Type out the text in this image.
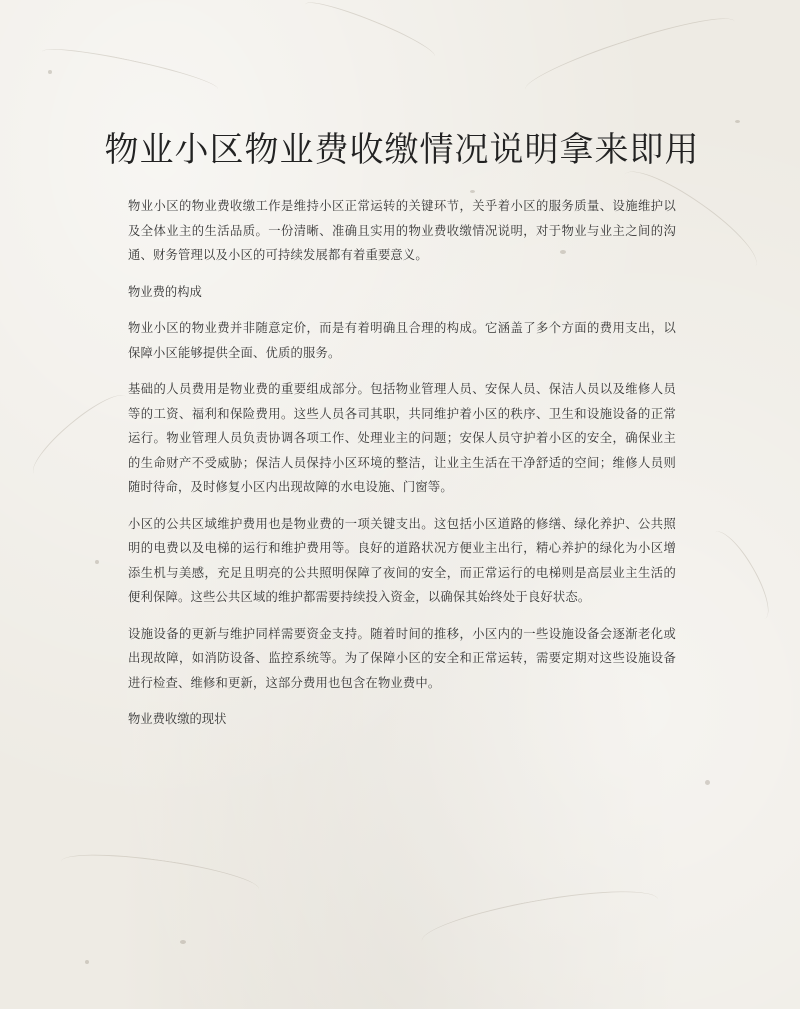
物业小区物业费收缴情况说明拿来即用

物业小区的物业费收缴工作是维持小区正常运转的关键环节，关乎着小区的服务质量、设施维护以及全体业主的生活品质。一份清晰、准确且实用的物业费收缴情况说明，对于物业与业主之间的沟通、财务管理以及小区的可持续发展都有着重要意义。

物业费的构成

物业小区的物业费并非随意定价，而是有着明确且合理的构成。它涵盖了多个方面的费用支出，以保障小区能够提供全面、优质的服务。

基础的人员费用是物业费的重要组成部分。包括物业管理人员、安保人员、保洁人员以及维修人员等的工资、福利和保险费用。这些人员各司其职，共同维护着小区的秩序、卫生和设施设备的正常运行。物业管理人员负责协调各项工作、处理业主的问题；安保人员守护着小区的安全，确保业主的生命财产不受威胁；保洁人员保持小区环境的整洁，让业主生活在干净舒适的空间；维修人员则随时待命，及时修复小区内出现故障的水电设施、门窗等。

小区的公共区域维护费用也是物业费的一项关键支出。这包括小区道路的修缮、绿化养护、公共照明的电费以及电梯的运行和维护费用等。良好的道路状况方便业主出行，精心养护的绿化为小区增添生机与美感，充足且明亮的公共照明保障了夜间的安全，而正常运行的电梯则是高层业主生活的便利保障。这些公共区域的维护都需要持续投入资金，以确保其始终处于良好状态。

设施设备的更新与维护同样需要资金支持。随着时间的推移，小区内的一些设施设备会逐渐老化或出现故障，如消防设备、监控系统等。为了保障小区的安全和正常运转，需要定期对这些设施设备进行检查、维修和更新，这部分费用也包含在物业费中。

物业费收缴的现状
